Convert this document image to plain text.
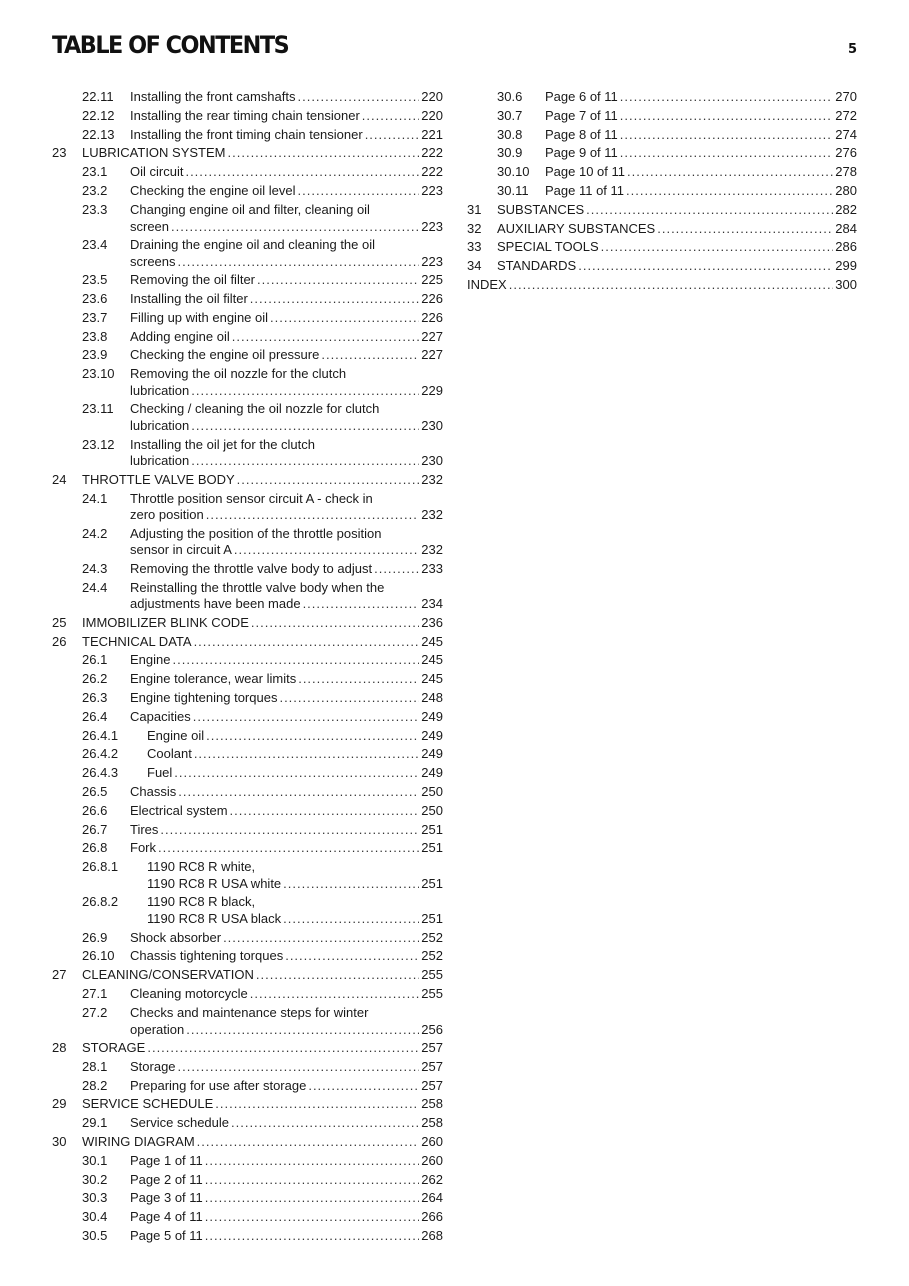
TABLE OF CONTENTS	5
22.11 Installing the front camshafts .....	220
22.12 Installing the rear timing chain tensioner .....	220
22.13 Installing the front timing chain tensioner .....	221
23 LUBRICATION SYSTEM .....	222
23.1 Oil circuit .....	222
23.2 Checking the engine oil level .....	223
23.3 Changing engine oil and filter, cleaning oil
screen .....	223
23.4 Draining the engine oil and cleaning the oil
screens .....	223
23.5 Removing the oil filter .....	225
23.6 Installing the oil filter .....	226
23.7 Filling up with engine oil .....	226
23.8 Adding engine oil .....	227
23.9 Checking the engine oil pressure .....	227
23.10 Removing the oil nozzle for the clutch
lubrication .....	229
23.11 Checking / cleaning the oil nozzle for clutch
lubrication .....	230
23.12 Installing the oil jet for the clutch
lubrication .....	230
24 THROTTLE VALVE BODY .....	232
24.1 Throttle position sensor circuit A - check in
zero position .....	232
24.2 Adjusting the position of the throttle position
sensor in circuit A .....	232
24.3 Removing the throttle valve body to adjust .....	233
24.4 Reinstalling the throttle valve body when the
adjustments have been made .....	234
25 IMMOBILIZER BLINK CODE .....	236
26 TECHNICAL DATA .....	245
26.1 Engine .....	245
26.2 Engine tolerance, wear limits .....	245
26.3 Engine tightening torques .....	248
26.4 Capacities .....	249
26.4.1 Engine oil .....	249
26.4.2 Coolant .....	249
26.4.3 Fuel .....	249
26.5 Chassis .....	250
26.6 Electrical system .....	250
26.7 Tires .....	251
26.8 Fork .....	251
26.8.1 1190 RC8 R white,
1190 RC8 R USA white .....	251
26.8.2 1190 RC8 R black,
1190 RC8 R USA black .....	251
26.9 Shock absorber .....	252
26.10 Chassis tightening torques .....	252
27 CLEANING/CONSERVATION .....	255
27.1 Cleaning motorcycle .....	255
27.2 Checks and maintenance steps for winter
operation .....	256
28 STORAGE .....	257
28.1 Storage .....	257
28.2 Preparing for use after storage .....	257
29 SERVICE SCHEDULE .....	258
29.1 Service schedule .....	258
30 WIRING DIAGRAM .....	260
30.1 Page 1 of 11 .....	260
30.2 Page 2 of 11 .....	262
30.3 Page 3 of 11 .....	264
30.4 Page 4 of 11 .....	266
30.5 Page 5 of 11 .....	268
30.6 Page 6 of 11 .....	270
30.7 Page 7 of 11 .....	272
30.8 Page 8 of 11 .....	274
30.9 Page 9 of 11 .....	276
30.10 Page 10 of 11 .....	278
30.11 Page 11 of 11 .....	280
31 SUBSTANCES .....	282
32 AUXILIARY SUBSTANCES .....	284
33 SPECIAL TOOLS .....	286
34 STANDARDS .....	299
INDEX .....	300
